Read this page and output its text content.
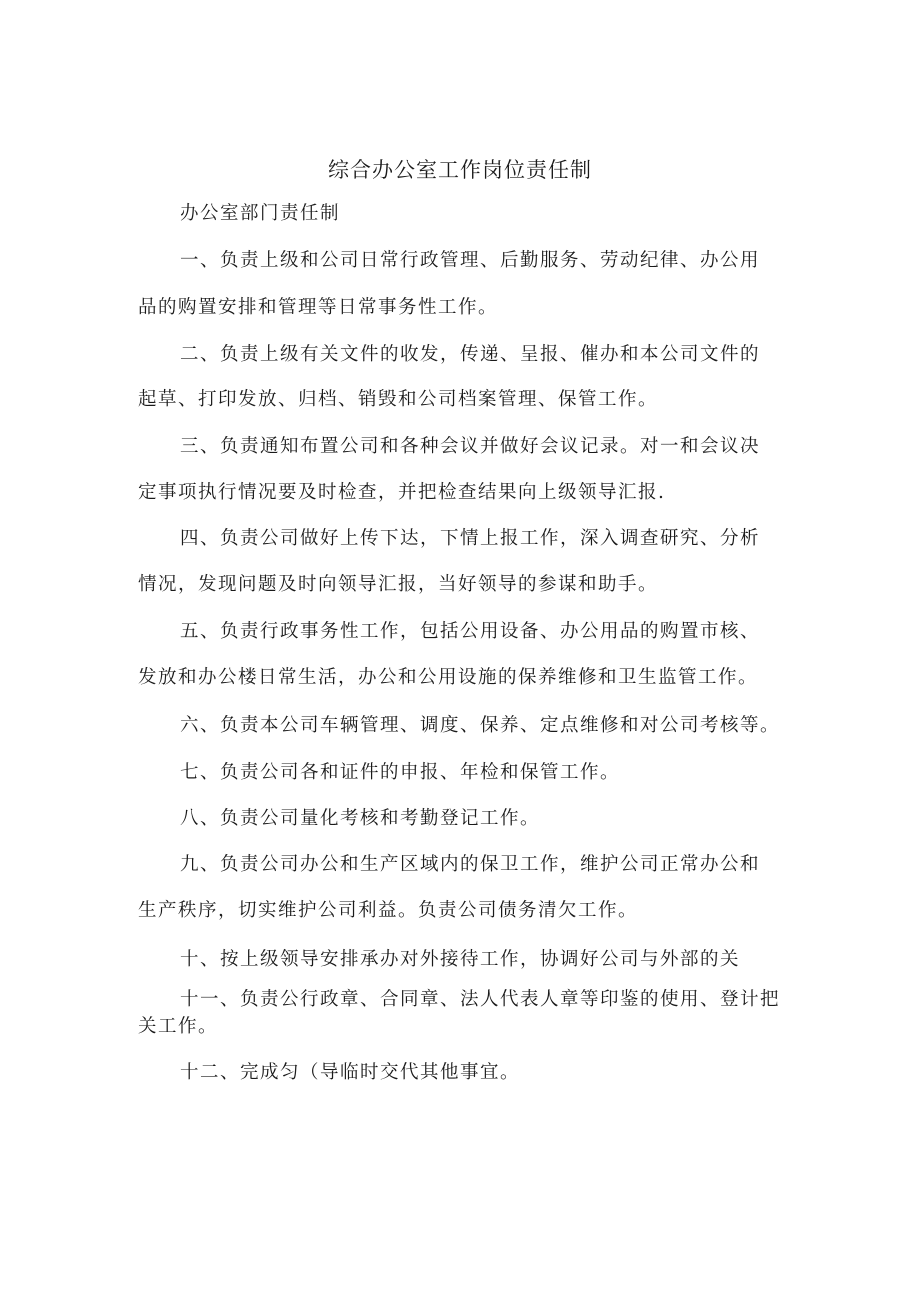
综合办公室工作岗位责任制
办公室部门责任制
一、负责上级和公司日常行政管理、后勤服务、劳动纪律、办公用
品的购置安排和管理等日常事务性工作。
二、负责上级有关文件的收发，传递、呈报、催办和本公司文件的
起草、打印发放、归档、销毁和公司档案管理、保管工作。
三、负责通知布置公司和各种会议并做好会议记录。对一和会议决
定事项执行情况要及时检查，并把检查结果向上级领导汇报.
四、负责公司做好上传下达，下情上报工作，深入调查研究、分析
情况，发现问题及时向领导汇报，当好领导的参谋和助手。
五、负责行政事务性工作，包括公用设备、办公用品的购置市核、
发放和办公楼日常生活，办公和公用设施的保养维修和卫生监管工作。
六、负责本公司车辆管理、调度、保养、定点维修和对公司考核等。
七、负责公司各和证件的申报、年检和保管工作。
八、负责公司量化考核和考勤登记工作。
九、负责公司办公和生产区域内的保卫工作，维护公司正常办公和
生产秩序，切实维护公司利益。负责公司债务清欠工作。
十、按上级领导安排承办对外接待工作，协调好公司与外部的关
十一、负责公行政章、合同章、法人代表人章等印鉴的使用、登计把
关工作。
十二、完成匀（导临时交代其他事宜。
